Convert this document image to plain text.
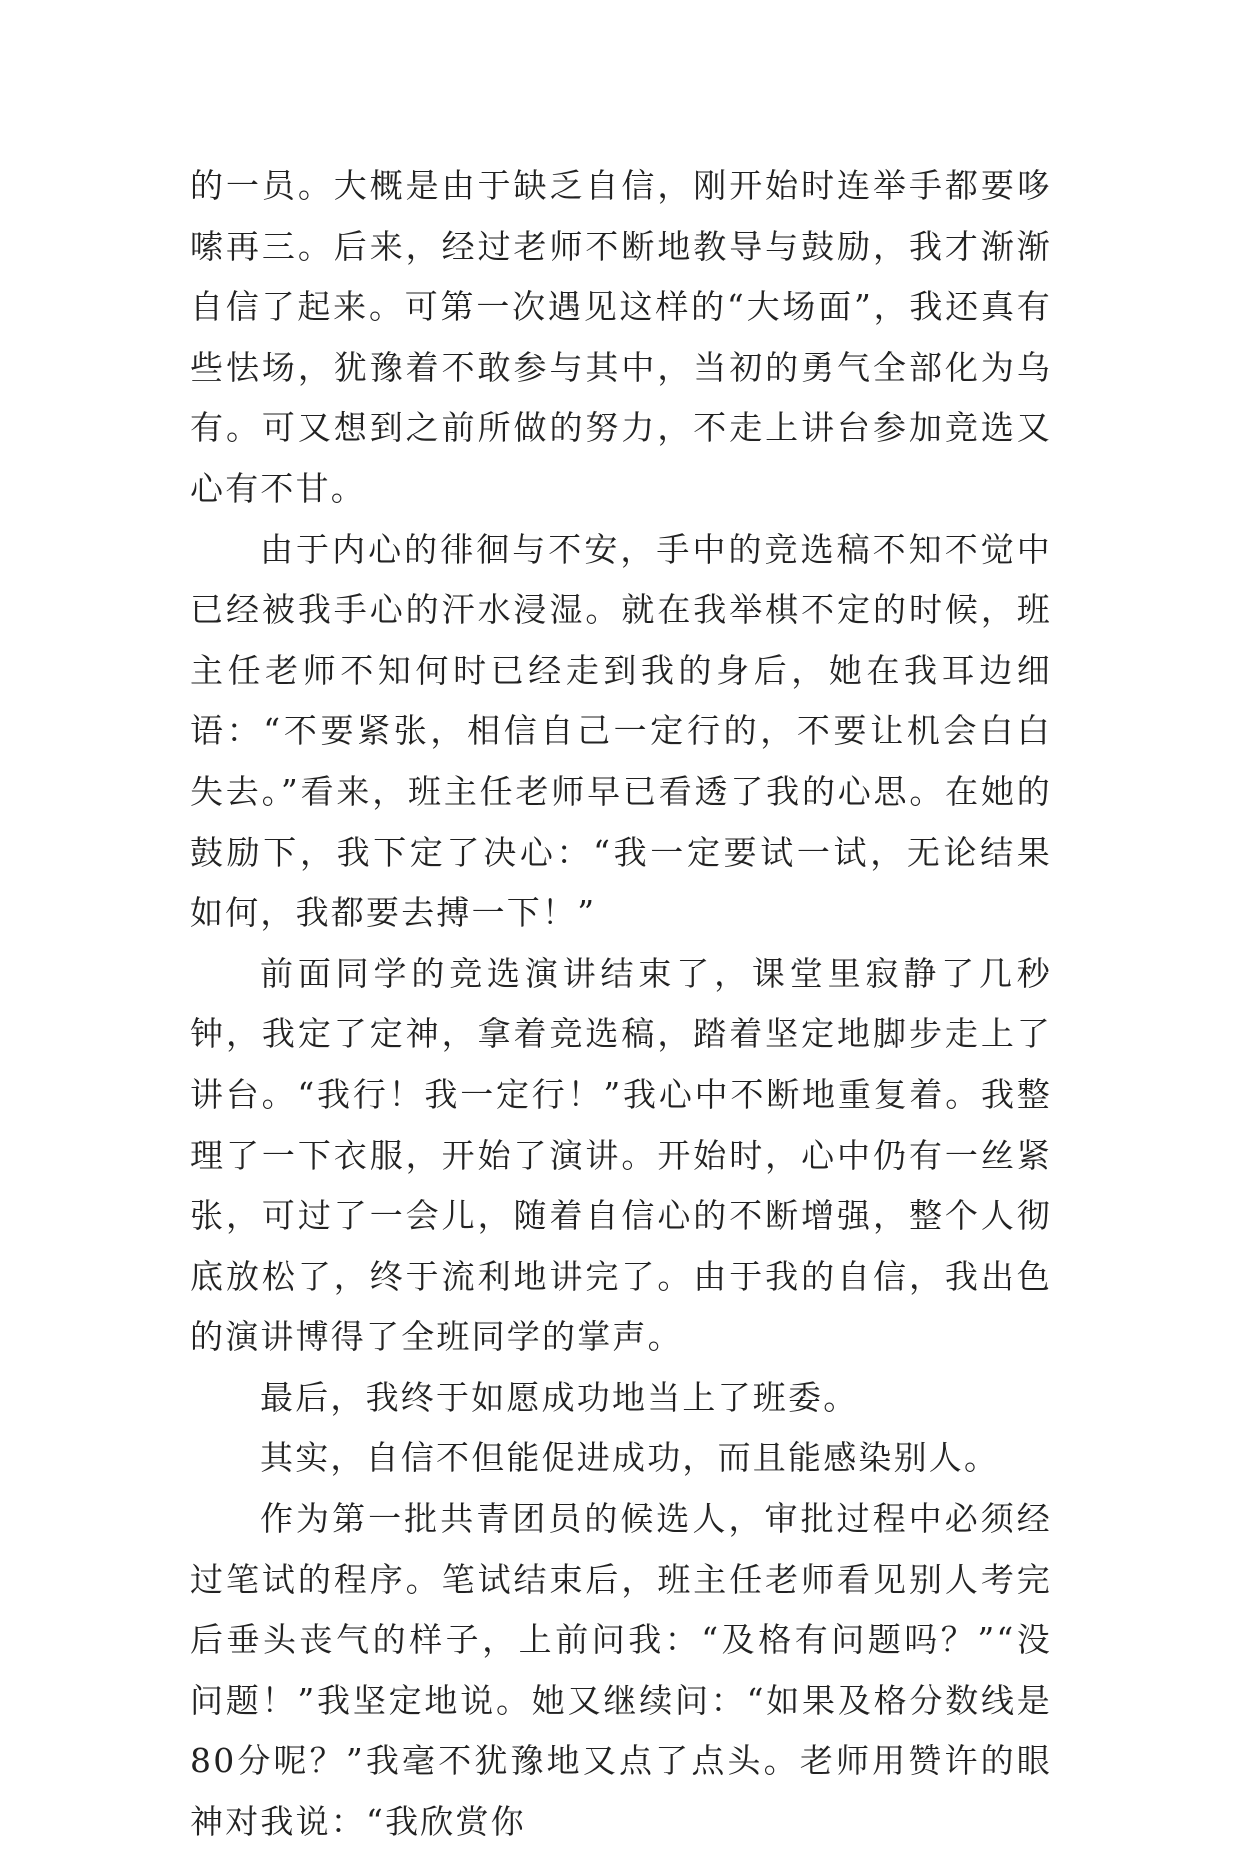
的一员。大概是由于缺乏自信，刚开始时连举手都要哆嗦再三。后来，经过老师不断地教导与鼓励，我才渐渐自信了起来。可第一次遇见这样的“大场面”，我还真有些怯场，犹豫着不敢参与其中，当初的勇气全部化为乌有。可又想到之前所做的努力，不走上讲台参加竞选又心有不甘。

由于内心的徘徊与不安，手中的竞选稿不知不觉中已经被我手心的汗水浸湿。就在我举棋不定的时候，班主任老师不知何时已经走到我的身后，她在我耳边细语：“不要紧张，相信自己一定行的，不要让机会白白失去。”看来，班主任老师早已看透了我的心思。在她的鼓励下，我下定了决心：“我一定要试一试，无论结果如何，我都要去搏一下！”

前面同学的竞选演讲结束了，课堂里寂静了几秒钟，我定了定神，拿着竞选稿，踏着坚定地脚步走上了讲台。“我行！我一定行！”我心中不断地重复着。我整理了一下衣服，开始了演讲。开始时，心中仍有一丝紧张，可过了一会儿，随着自信心的不断增强，整个人彻底放松了，终于流利地讲完了。由于我的自信，我出色的演讲博得了全班同学的掌声。

最后，我终于如愿成功地当上了班委。

其实，自信不但能促进成功，而且能感染别人。

作为第一批共青团员的候选人，审批过程中必须经过笔试的程序。笔试结束后，班主任老师看见别人考完后垂头丧气的样子，上前问我：“及格有问题吗？”“没问题！”我坚定地说。她又继续问：“如果及格分数线是80分呢？”我毫不犹豫地又点了点头。老师用赞许的眼神对我说：“我欣赏你
